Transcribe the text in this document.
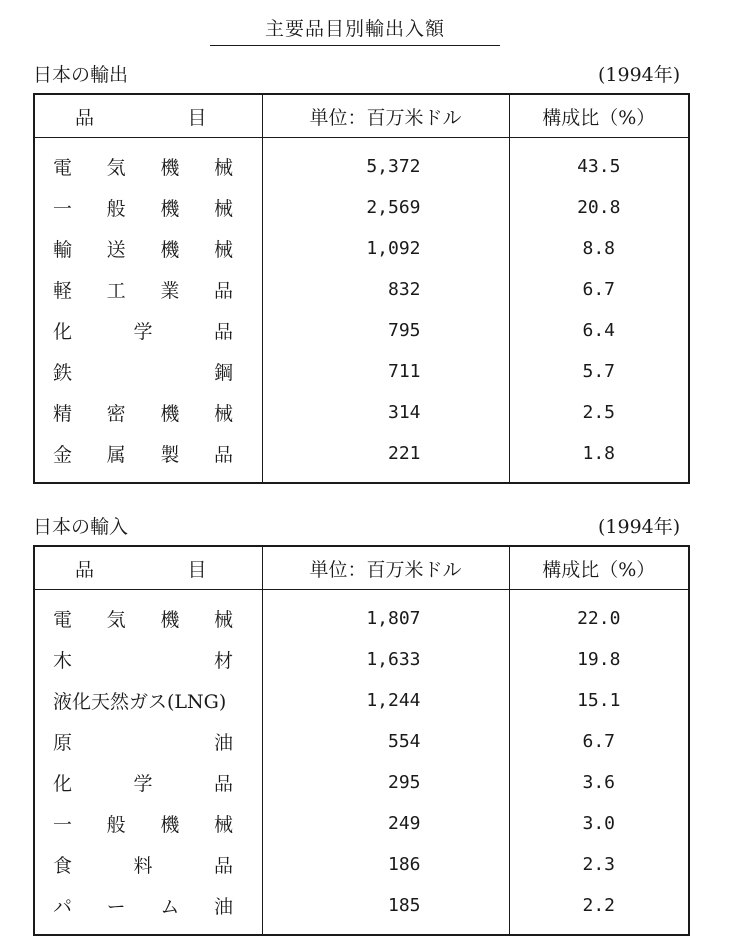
主要品目別輸出入額
日本の輸出	(1994年)
品 目	単位：百万米ドル	構成比（%）

電気機械	5,372	43.5

一般機械	2,569	20.8

輸送機械	1,092	8.8

軽工業品	832	6.7

化学品	795	6.4

鉄鋼	711	5.7

精密機械	314	2.5

金属製品	221	1.8
日本の輸入	(1994年)
品 目	単位：百万米ドル	構成比（%）

電気機械	1,807	22.0

木材	1,633	19.8

液化天然ガス(LNG)	1,244	15.1

原油	554	6.7

化学品	295	3.6

一般機械	249	3.0

食料品	186	2.3

パーム油	185	2.2
